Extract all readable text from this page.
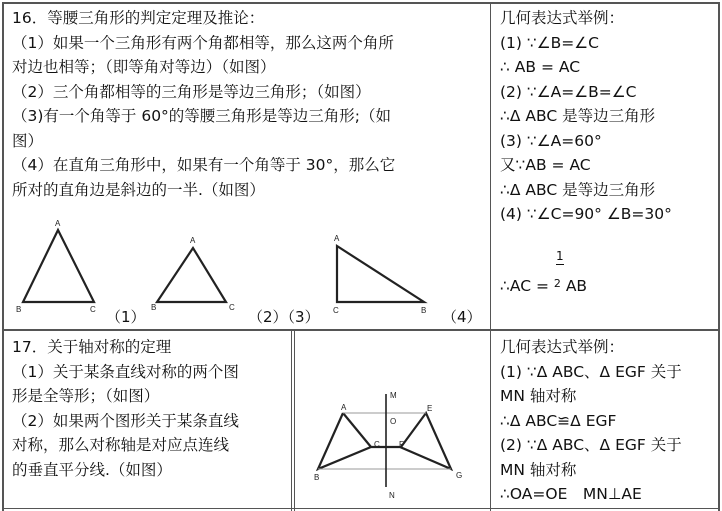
16．等腰三角形的判定定理及推论：
（1）如果一个三角形有两个角都相等，那么这两个角所
对边也相等；（即等角对等边）（如图）
（2）三个角都相等的三角形是等边三角形；（如图）
（3)有一个角等于 60°的等腰三角形是等边三角形;（如
图）
（4）在直角三角形中，如果有一个角等于 30°，那么它
所对的直角边是斜边的一半.（如图）
（1）	（2）（3）	（4）
几何表达式举例：
(1) ∵∠B=∠C
∴ AB = AC
(2) ∵∠A=∠B=∠C
∴Δ ABC 是等边三角形
(3) ∵∠A=60°
又∵AB = AC
∴Δ ABC 是等边三角形
(4) ∵∠C=90° ∠B=30°
∴AC =
1
$^2$ AB
17．关于轴对称的定理
（1）关于某条直线对称的两个图
形是全等形；（如图）
（2）如果两个图形关于某条直线
对称，那么对称轴是对应点连线
的垂直平分线.（如图）
几何表达式举例：
(1) ∵Δ ABC、Δ EGF 关于
MN 轴对称
∴Δ ABC≌Δ EGF
(2) ∵Δ ABC、Δ EGF 关于
MN 轴对称
∴OA=OE　MN⊥AE
A
B	C
A
B	C
A
C	B
A
B
C
E
F
G
M
N
O
